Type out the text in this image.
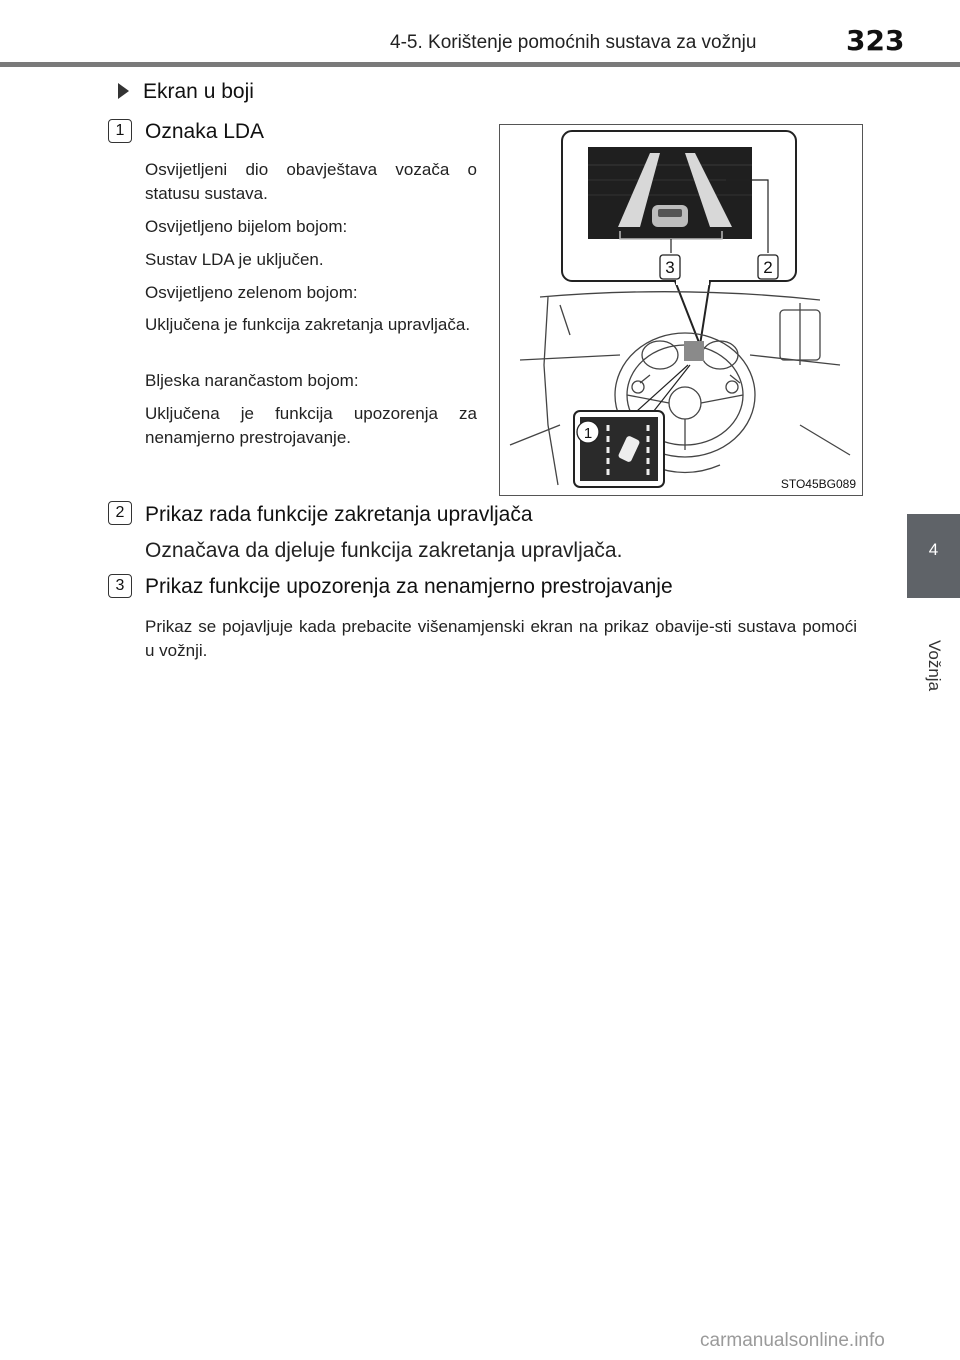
4-5. Korištenje pomoćnih sustava za vožnju	323
4
Vožnja
Ekran u boji
1 Oznaka LDA
Osvijetljeni dio obavještava vozača o statusu sustava.
Osvijetljeno bijelom bojom:
Sustav LDA je uključen.
Osvijetljeno zelenom bojom:
Uključena je funkcija zakretanja upravljača.
Bljeska narančastom bojom:
Uključena je funkcija upozorenja za nenamjerno prestrojavanje.
3	2
1
STO45BG089
2 Prikaz rada funkcije zakretanja upravljača
Označava da djeluje funkcija zakretanja upravljača.
3 Prikaz funkcije upozorenja za nenamjerno prestrojavanje
Prikaz se pojavljuje kada prebacite višenamjenski ekran na prikaz obavije-sti sustava pomoći u vožnji.
carmanualsonline.info
